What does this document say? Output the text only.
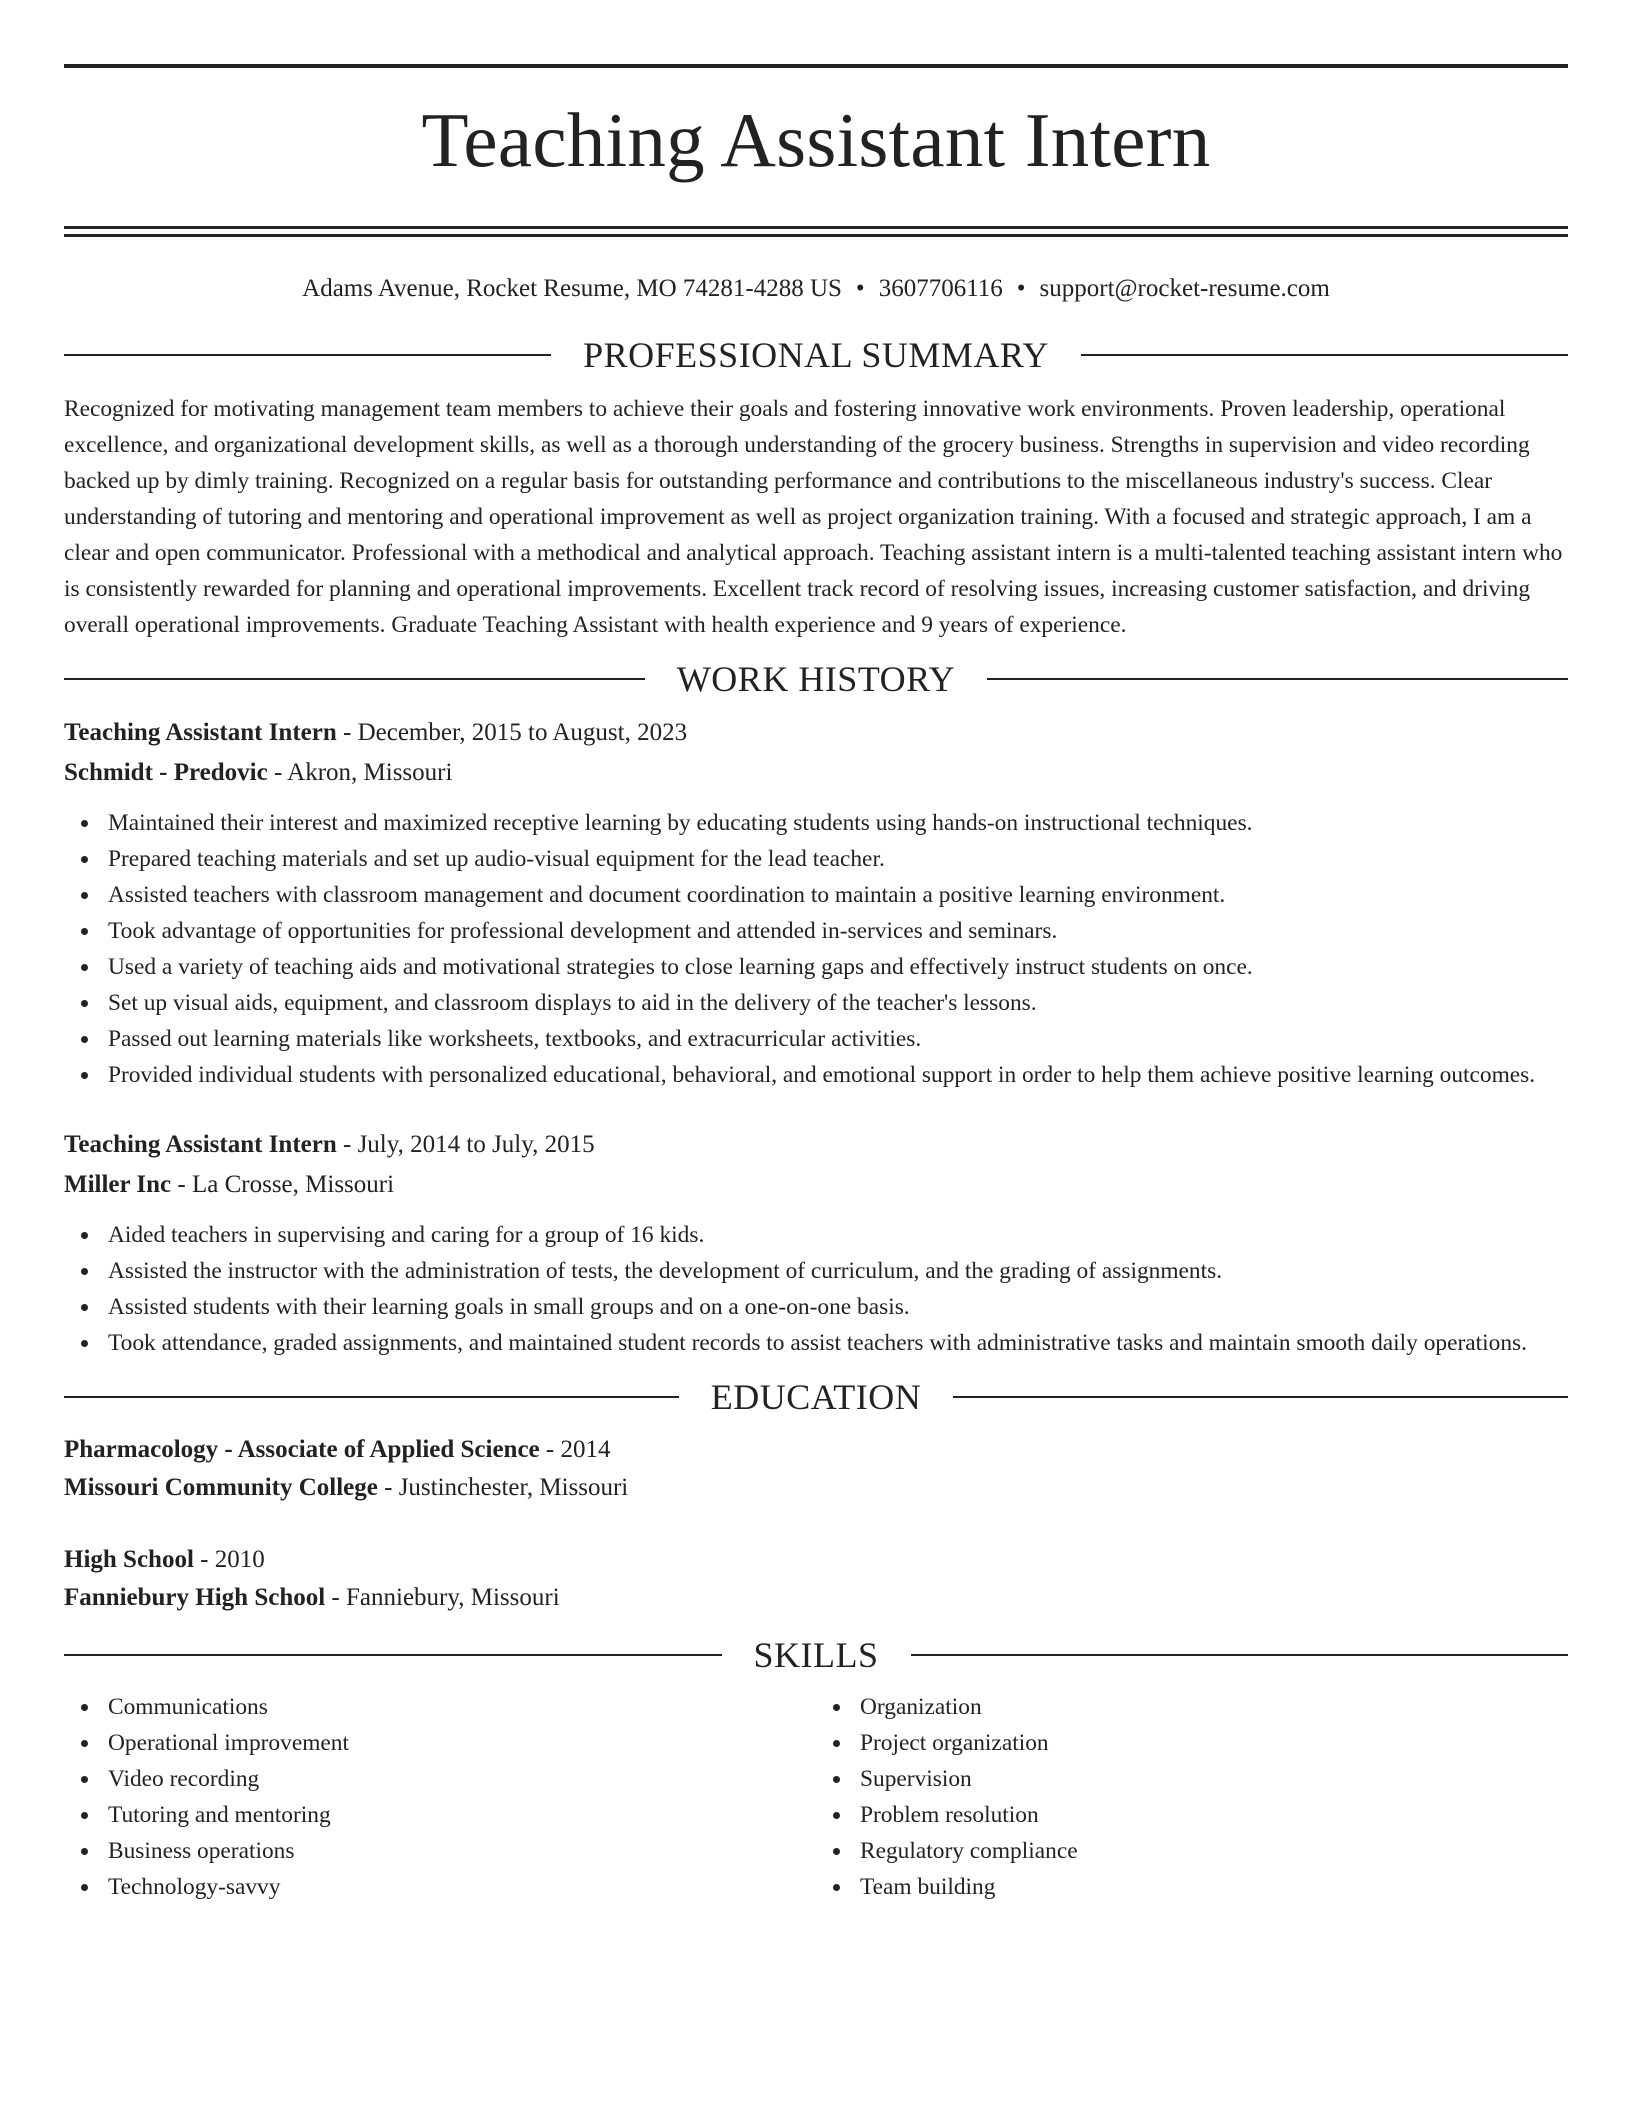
Teaching Assistant Intern
Adams Avenue, Rocket Resume, MO 74281-4288 US • 3607706116 • support@rocket-resume.com
PROFESSIONAL SUMMARY

Recognized for motivating management team members to achieve their goals and fostering innovative work environments. Proven leadership, operational excellence, and organizational development skills, as well as a thorough understanding of the grocery business. Strengths in supervision and video recording backed up by dimly training. Recognized on a regular basis for outstanding performance and contributions to the miscellaneous industry's success. Clear understanding of tutoring and mentoring and operational improvement as well as project organization training. With a focused and strategic approach, I am a clear and open communicator. Professional with a methodical and analytical approach. Teaching assistant intern is a multi-talented teaching assistant intern who is consistently rewarded for planning and operational improvements. Excellent track record of resolving issues, increasing customer satisfaction, and driving overall operational improvements. Graduate Teaching Assistant with health experience and 9 years of experience.

WORK HISTORY
Teaching Assistant Intern - December, 2015 to August, 2023
Schmidt - Predovic - Akron, Missouri
Maintained their interest and maximized receptive learning by educating students using hands-on instructional techniques.
Prepared teaching materials and set up audio-visual equipment for the lead teacher.
Assisted teachers with classroom management and document coordination to maintain a positive learning environment.
Took advantage of opportunities for professional development and attended in-services and seminars.
Used a variety of teaching aids and motivational strategies to close learning gaps and effectively instruct students on once.
Set up visual aids, equipment, and classroom displays to aid in the delivery of the teacher's lessons.
Passed out learning materials like worksheets, textbooks, and extracurricular activities.
Provided individual students with personalized educational, behavioral, and emotional support in order to help them achieve positive learning outcomes.
Teaching Assistant Intern - July, 2014 to July, 2015
Miller Inc - La Crosse, Missouri
Aided teachers in supervising and caring for a group of 16 kids.
Assisted the instructor with the administration of tests, the development of curriculum, and the grading of assignments.
Assisted students with their learning goals in small groups and on a one-on-one basis.
Took attendance, graded assignments, and maintained student records to assist teachers with administrative tasks and maintain smooth daily operations.
EDUCATION
Pharmacology - Associate of Applied Science - 2014
Missouri Community College - Justinchester, Missouri
High School - 2010
Fanniebury High School - Fanniebury, Missouri
SKILLS
Communications
Operational improvement
Video recording
Tutoring and mentoring
Business operations
Technology-savvy
Organization
Project organization
Supervision
Problem resolution
Regulatory compliance
Team building
